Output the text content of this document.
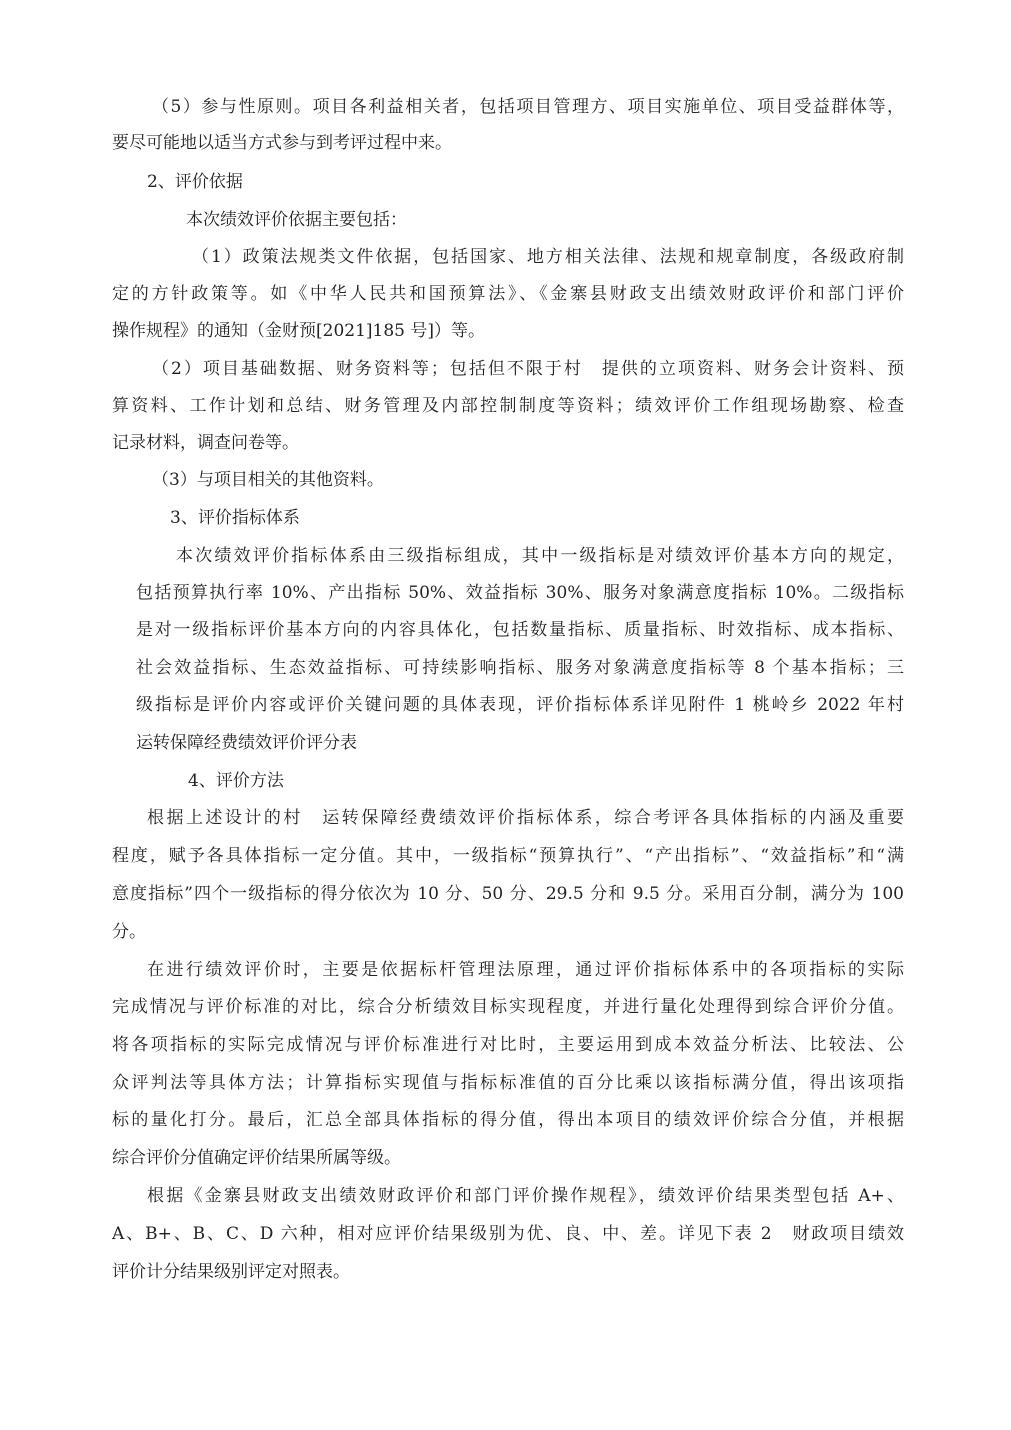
（5）参与性原则。项目各利益相关者，包括项目管理方、项目实施单位、项目受益群体等，

要尽可能地以适当方式参与到考评过程中来。

2、评价依据

本次绩效评价依据主要包括：

（1）政策法规类文件依据，包括国家、地方相关法律、法规和规章制度，各级政府制

定的方针政策等。如《中华人民共和国预算法》、《金寨县财政支出绩效财政评价和部门评价

操作规程》的通知（金财预[2021]185 号]）等。

（2）项目基础数据、财务资料等；包括但不限于村　提供的立项资料、财务会计资料、预

算资料、工作计划和总结、财务管理及内部控制制度等资料；绩效评价工作组现场勘察、检查

记录材料，调查问卷等。

（3）与项目相关的其他资料。

3、评价指标体系

本次绩效评价指标体系由三级指标组成，其中一级指标是对绩效评价基本方向的规定，

包括预算执行率 10%、产出指标 50%、效益指标 30%、服务对象满意度指标 10%。二级指标

是对一级指标评价基本方向的内容具体化，包括数量指标、质量指标、时效指标、成本指标、

社会效益指标、生态效益指标、可持续影响指标、服务对象满意度指标等 8 个基本指标；三

级指标是评价内容或评价关键问题的具体表现，评价指标体系详见附件 1 桃岭乡 2022 年村

运转保障经费绩效评价评分表

4、评价方法

根据上述设计的村　运转保障经费绩效评价指标体系，综合考评各具体指标的内涵及重要

程度，赋予各具体指标一定分值。其中，一级指标“预算执行”、“产出指标”、“效益指标”和“满

意度指标”四个一级指标的得分依次为 10 分、50 分、29.5 分和 9.5 分。采用百分制，满分为 100

分。

在进行绩效评价时，主要是依据标杆管理法原理，通过评价指标体系中的各项指标的实际

完成情况与评价标准的对比，综合分析绩效目标实现程度，并进行量化处理得到综合评价分值。

将各项指标的实际完成情况与评价标准进行对比时，主要运用到成本效益分析法、比较法、公

众评判法等具体方法；计算指标实现值与指标标准值的百分比乘以该指标满分值，得出该项指

标的量化打分。最后，汇总全部具体指标的得分值，得出本项目的绩效评价综合分值，并根据

综合评价分值确定评价结果所属等级。

根据《金寨县财政支出绩效财政评价和部门评价操作规程》，绩效评价结果类型包括 A+、

A、B+、B、C、D 六种，相对应评价结果级别为优、良、中、差。详见下表 2　财政项目绩效

评价计分结果级别评定对照表。
